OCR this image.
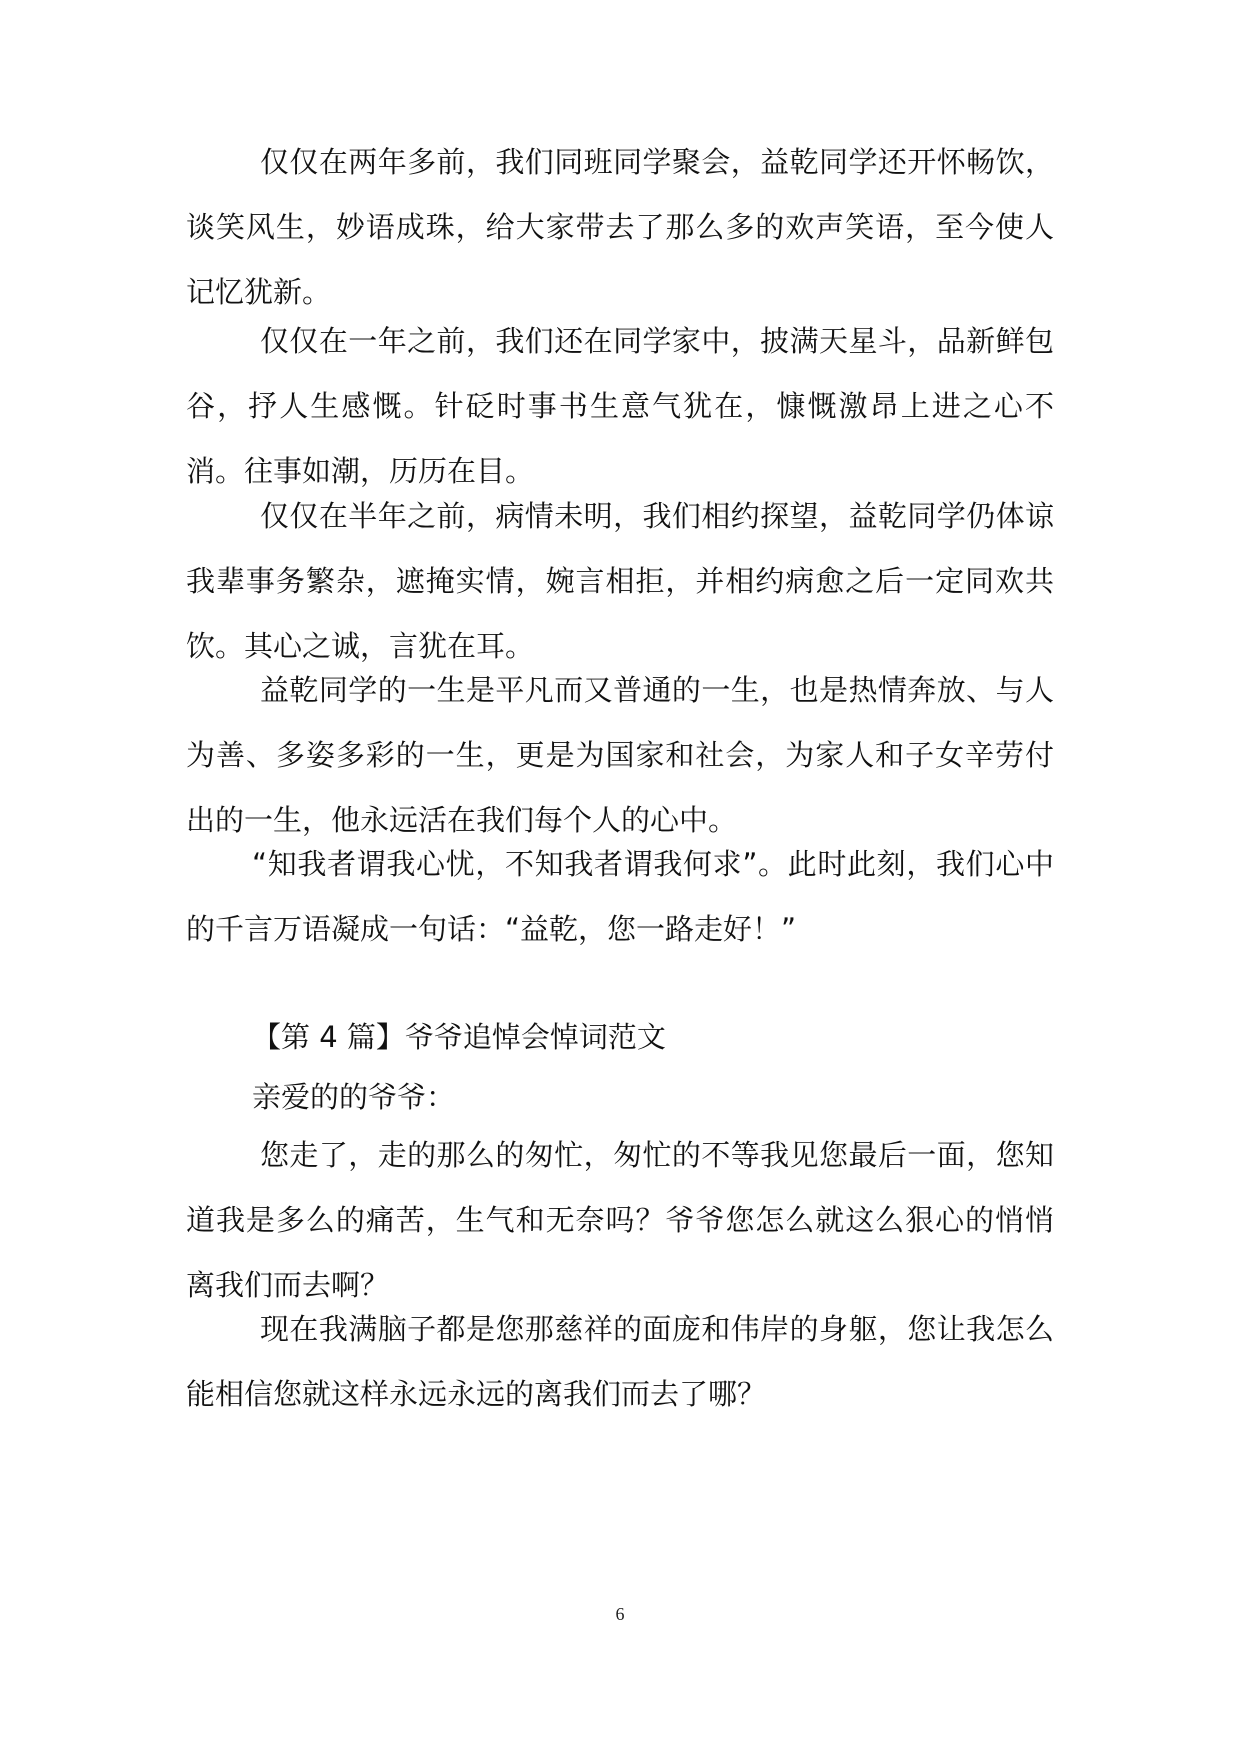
仅仅在两年多前，我们同班同学聚会，益乾同学还开怀畅饮，谈笑风生，妙语成珠，给大家带去了那么多的欢声笑语，至今使人记忆犹新。

仅仅在一年之前，我们还在同学家中，披满天星斗，品新鲜包谷，抒人生感慨。针砭时事书生意气犹在，慷慨激昂上进之心不消。往事如潮，历历在目。

仅仅在半年之前，病情未明，我们相约探望，益乾同学仍体谅我辈事务繁杂，遮掩实情，婉言相拒，并相约病愈之后一定同欢共饮。其心之诚，言犹在耳。

益乾同学的一生是平凡而又普通的一生，也是热情奔放、与人为善、多姿多彩的一生，更是为国家和社会，为家人和子女辛劳付出的一生，他永远活在我们每个人的心中。

“知我者谓我心忧，不知我者谓我何求”。此时此刻，我们心中的千言万语凝成一句话：“益乾，您一路走好！”

【第 4 篇】爷爷追悼会悼词范文

亲爱的的爷爷：

您走了，走的那么的匆忙，匆忙的不等我见您最后一面，您知道我是多么的痛苦，生气和无奈吗？爷爷您怎么就这么狠心的悄悄离我们而去啊？

现在我满脑子都是您那慈祥的面庞和伟岸的身躯，您让我怎么能相信您就这样永远永远的离我们而去了哪？

6
